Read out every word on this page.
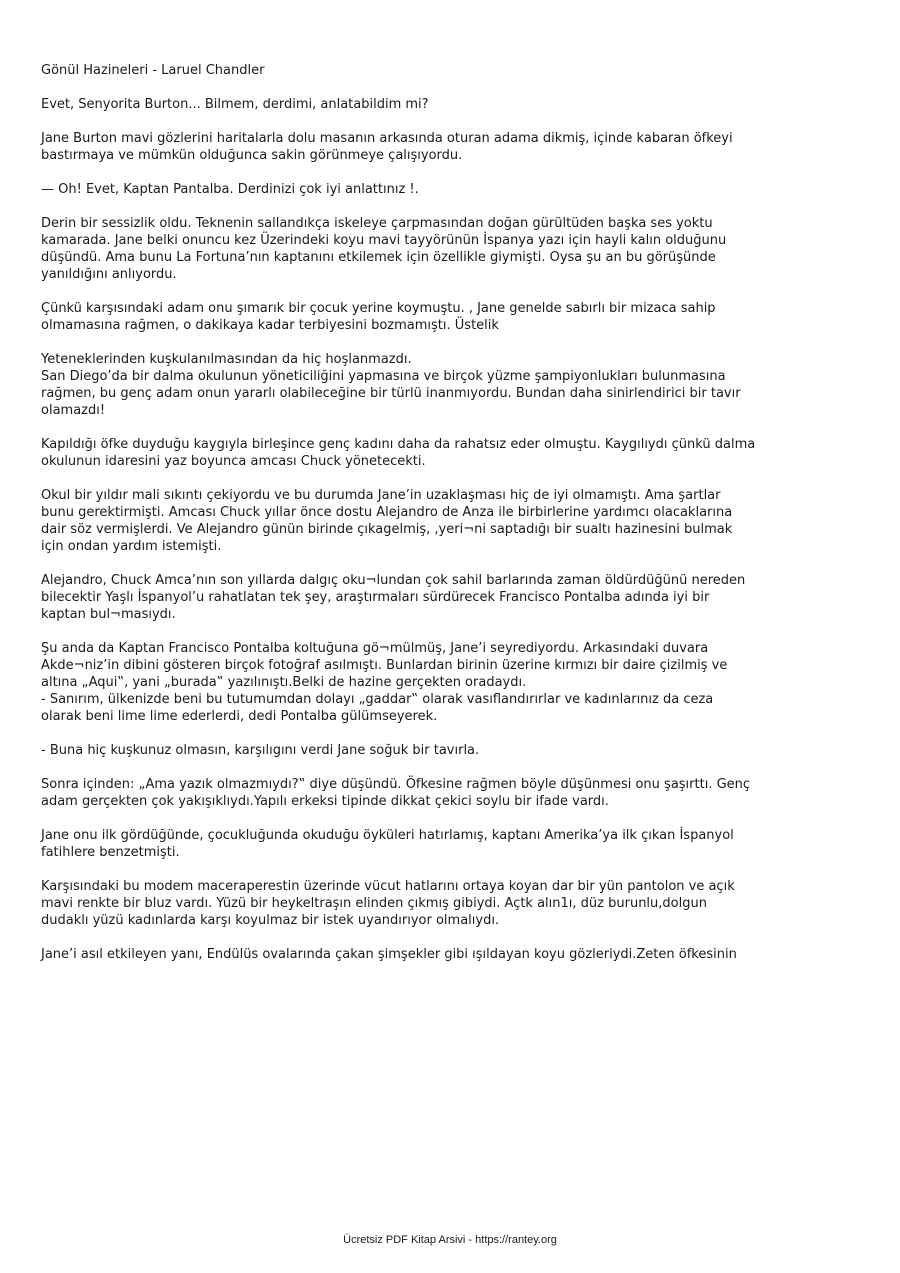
Gönül Hazineleri - Laruel Chandler

Evet, Senyorita Burton... Bilmem, derdimi, anlatabildim mi?

Jane Burton mavi gözlerini haritalarla dolu masanın arkasında oturan adama dikmiş, içinde kabaran öfkeyi
bastırmaya ve mümkün olduğunca sakin görünmeye çalışıyordu.

— Oh! Evet, Kaptan Pantalba. Derdinizi çok iyi anlattınız !.

Derin bir sessizlik oldu. Teknenin sallandıkça iskeleye çarpmasından doğan gürültüden başka ses yoktu
kamarada. Jane belki onuncu kez Üzerindeki koyu mavi tayyörünün İspanya yazı için hayli kalın olduğunu
düşündü. Ama bunu La Fortuna’nın kaptanını etkilemek için özellikle giymişti. Oysa şu an bu görüşünde
yanıldığını anlıyordu.

Çünkü karşısındaki adam onu şımarık bir çocuk yerine koymuştu. , Jane genelde sabırlı bir mizaca sahip
olmamasına rağmen, o dakikaya kadar terbiyesini bozmamıştı. Üstelik

Yeteneklerinden kuşkulanılmasından da hiç hoşlanmazdı.
San Diego’da bir dalma okulunun yöneticiliğini yapmasına ve birçok yüzme şampiyonlukları bulunmasına
rağmen, bu genç adam onun yararlı olabileceğine bir türlü inanmıyordu. Bundan daha sinirlendirici bir tavır
olamazdı!

Kapıldığı öfke duyduğu kaygıyla birleşince genç kadını daha da rahatsız eder olmuştu. Kaygılıydı çünkü dalma
okulunun idaresini yaz boyunca amcası Chuck yönetecekti.

Okul bir yıldır mali sıkıntı çekiyordu ve bu durumda Jane’in uzaklaşması hiç de iyi olmamıştı. Ama şartlar
bunu gerektirmişti. Amcası Chuck yıllar önce dostu Alejandro de Anza ile birbirlerine yardımcı olacaklarına
dair söz vermişlerdi. Ve Alejandro günün birinde çıkagelmiş, ,yeri¬ni saptadığı bir sualtı hazinesini bulmak
için ondan yardım istemişti.

Alejandro, Chuck Amca’nın son yıllarda dalgıç oku¬lundan çok sahil barlarında zaman öldürdüğünü nereden
bilecektir Yaşlı İspanyol’u rahatlatan tek şey, araştırmaları sürdürecek Francisco Pontalba adında iyi bir
kaptan bul¬masıydı.

Şu anda da Kaptan Francisco Pontalba koltuğuna gö¬mülmüş, Jane’i seyrediyordu. Arkasındaki duvara
Akde¬niz’in dibini gösteren birçok fotoğraf asılmıştı. Bunlardan birinin üzerine kırmızı bir daire çizilmiş ve
altına „Aqui‟, yani „burada‟ yazılınıştı.Belki de hazine gerçekten oradaydı.
- Sanırım, ülkenizde beni bu tutumumdan dolayı „gaddar‟ olarak vasıflandırırlar ve kadınlarınız da ceza
olarak beni lime lime ederlerdi, dedi Pontalba gülümseyerek.

- Buna hiç kuşkunuz olmasın, karşılıgını verdi Jane soğuk bir tavırla.

Sonra içinden: „Ama yazık olmazmıydı?‟ diye düşündü. Öfkesine rağmen böyle düşünmesi onu şaşırttı. Genç
adam gerçekten çok yakışıklıydı.Yapılı erkeksi tipinde dikkat çekici soylu bir ifade vardı.

Jane onu ilk gördüğünde, çocukluğunda okuduğu öyküleri hatırlamış, kaptanı Amerika’ya ilk çıkan İspanyol
fatihlere benzetmişti.

Karşısındaki bu modem maceraperestin üzerinde vücut hatlarını ortaya koyan dar bir yün pantolon ve açık
mavi renkte bir bluz vardı. Yüzü bir heykeltraşın elinden çıkmış gibiydi. Açtk alın1ı, düz burunlu,dolgun
dudaklı yüzü kadınlarda karşı koyulmaz bir istek uyandırıyor olmalıydı.

Jane’i asıl etkileyen yanı, Endülüs ovalarında çakan şimşekler gibi ışıldayan koyu gözleriydi.Zeten öfkesinin

Ücretsiz PDF Kitap Arsivi - https://rantey.org
